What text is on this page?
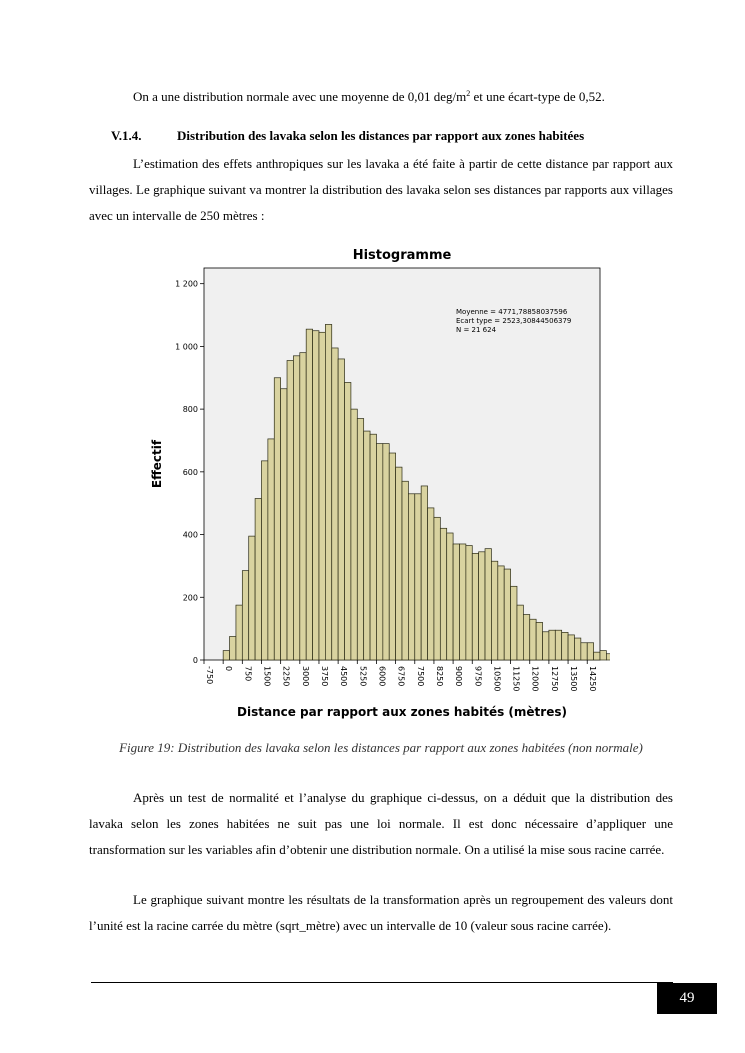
On a une distribution normale avec une moyenne de 0,01 deg/$m^2$ et une écart-type de 0,52.
V.1.4.	Distribution des lavaka selon les distances par rapport aux zones habitées
L’estimation des effets anthropiques sur les lavaka a été faite à partir de cette distance par rapport aux villages. Le graphique suivant va montrer la distribution des lavaka selon ses distances par rapports aux villages avec un intervalle de 250 mètres :
Histogramme
0
200
400
600
800
1 000
1 200
-750 0 750 1500 2250 3000 3750 4500 5250 6000 6750 7500 8250 9000 9750 10500 11250 12000 12750 13500 14250
Distance par rapport aux zones habités (mètres)
Effectif
Moyenne = 4771,78858037596
Ecart type = 2523,30844506379
N = 21 624
Figure 19: Distribution des lavaka selon les distances par rapport aux zones habitées (non normale)
Après un test de normalité et l’analyse du graphique ci-dessus, on a déduit que la distribution des lavaka selon les zones habitées ne suit pas une loi normale. Il est donc nécessaire d’appliquer une transformation sur les variables afin d’obtenir une distribution normale. On a utilisé la mise sous racine carrée.
Le graphique suivant montre les résultats de la transformation après un regroupement des valeurs dont l’unité est la racine carrée du mètre (sqrt_mètre) avec un intervalle de 10 (valeur sous racine carrée).
49
